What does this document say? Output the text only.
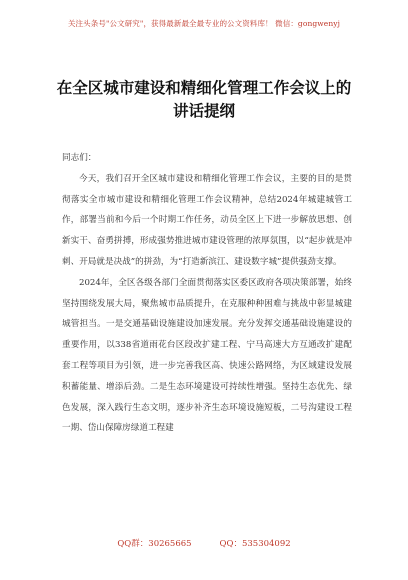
关注头条号"公文研究"，获得最新最全最专业的公文资料库！ 微信：gongwenyj
在全区城市建设和精细化管理工作会议上的
讲话提纲
同志们：

今天，我们召开全区城市建设和精细化管理工作会议，主要的目的是贯彻落实全市城市建设和精细化管理工作会议精神，总结2024年城建城管工作，部署当前和今后一个时期工作任务，动员全区上下进一步解放思想、创新实干、奋勇拼搏，形成强势推进城市建设管理的浓厚氛围，以“起步就是冲刺、开局就是决战”的拼劲，为“打造新滨江、建设数字城”提供强劲支撑。

2024年，全区各级各部门全面贯彻落实区委区政府各项决策部署，始终坚持围绕发展大局，聚焦城市品质提升，在克服种种困难与挑战中彰显城建城管担当。一是交通基础设施建设加速发展。充分发挥交通基础设施建设的重要作用，以338省道雨花台区段改扩建工程、宁马高速大方互通改扩建配套工程等项目为引领，进一步完善我区高、快速公路网络，为区域建设发展积蓄能量、增添后劲。二是生态环境建设可持续性增强。坚持生态优先、绿色发展，深入践行生态文明，逐步补齐生态环境设施短板，二号沟建设工程一期、岱山保障房绿道工程建

QQ群：30265665	QQ：535304092
